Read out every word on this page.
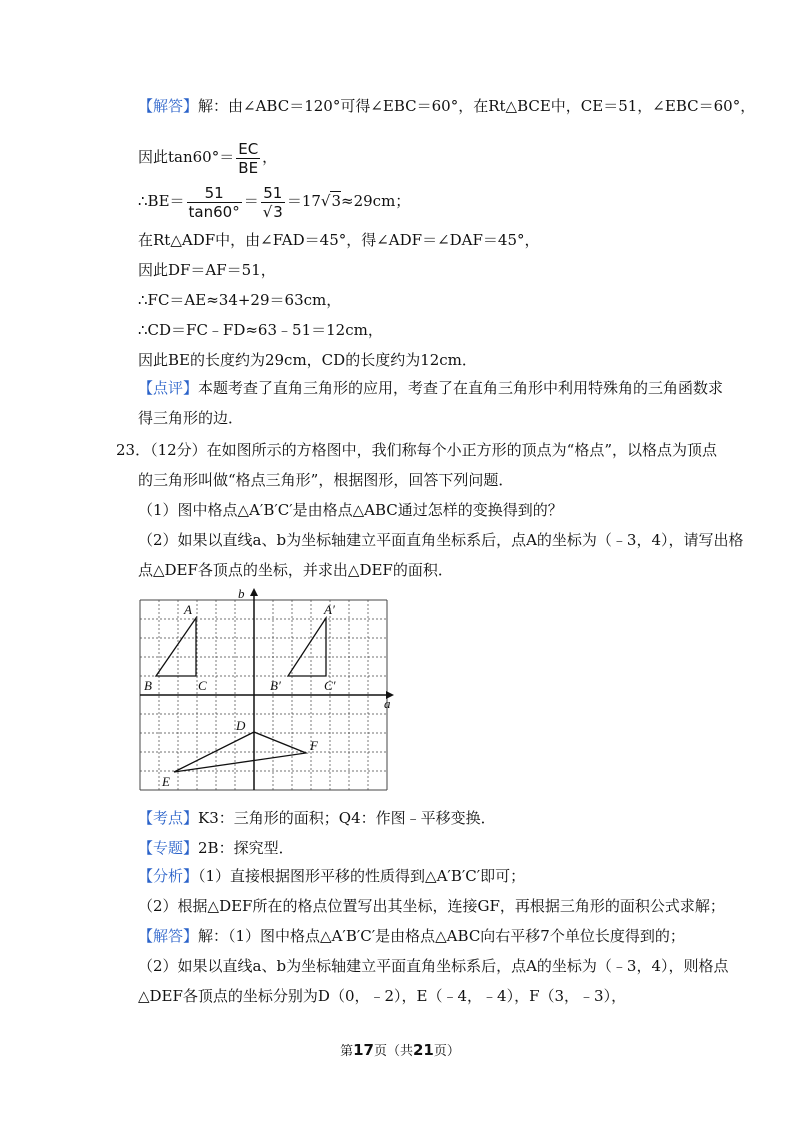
【解答】解：由∠ABC＝120°可得∠EBC＝60°，在Rt△BCE中，CE＝51，∠EBC＝60°，
因此$\tan 60^\circ= \frac{EC}{BE}$ ，
∴BE＝ $\frac{51}{\tan 60^\circ} = \frac{51}{√3} =17√3\approx 29cm$；
在Rt△ADF中，由∠FAD＝45°，得∠ADF＝∠DAF＝45°，
因此DF＝AF＝51，
∴FC＝AE≈34+29＝63cm，
∴CD＝FC﹣FD≈63﹣51＝12cm，
因此BE的长度约为29cm，CD的长度约为12cm．
【点评】本题考查了直角三角形的应用，考查了在直角三角形中利用特殊角的三角函数求
得三角形的边．
23．（12分）在如图所示的方格图中，我们称每个小正方形的顶点为“格点”，以格点为顶点
的三角形叫做“格点三角形”，根据图形，回答下列问题．
（1）图中格点△A′B′C′是由格点△ABC通过怎样的变换得到的？
（2）如果以直线a、b为坐标轴建立平面直角坐标系后，点A的坐标为（﹣3，4），请写出格
点△DEF各顶点的坐标，并求出△DEF的面积．
a
b
A
B	C
A′
B′	C′
D
E
F
【考点】K3：三角形的面积；Q4：作图﹣平移变换．
【专题】2B：探究型．
【分析】（1）直接根据图形平移的性质得到△A′B′C′即可；
（2）根据△DEF所在的格点位置写出其坐标，连接GF，再根据三角形的面积公式求解；
【解答】解：（1）图中格点△A′B′C′是由格点△ABC向右平移7个单位长度得到的；
（2）如果以直线a、b为坐标轴建立平面直角坐标系后，点A的坐标为（﹣3，4），则格点
△DEF各顶点的坐标分别为D（0，﹣2），E（﹣4，﹣4），F（3，﹣3），
第17页（共21页）
